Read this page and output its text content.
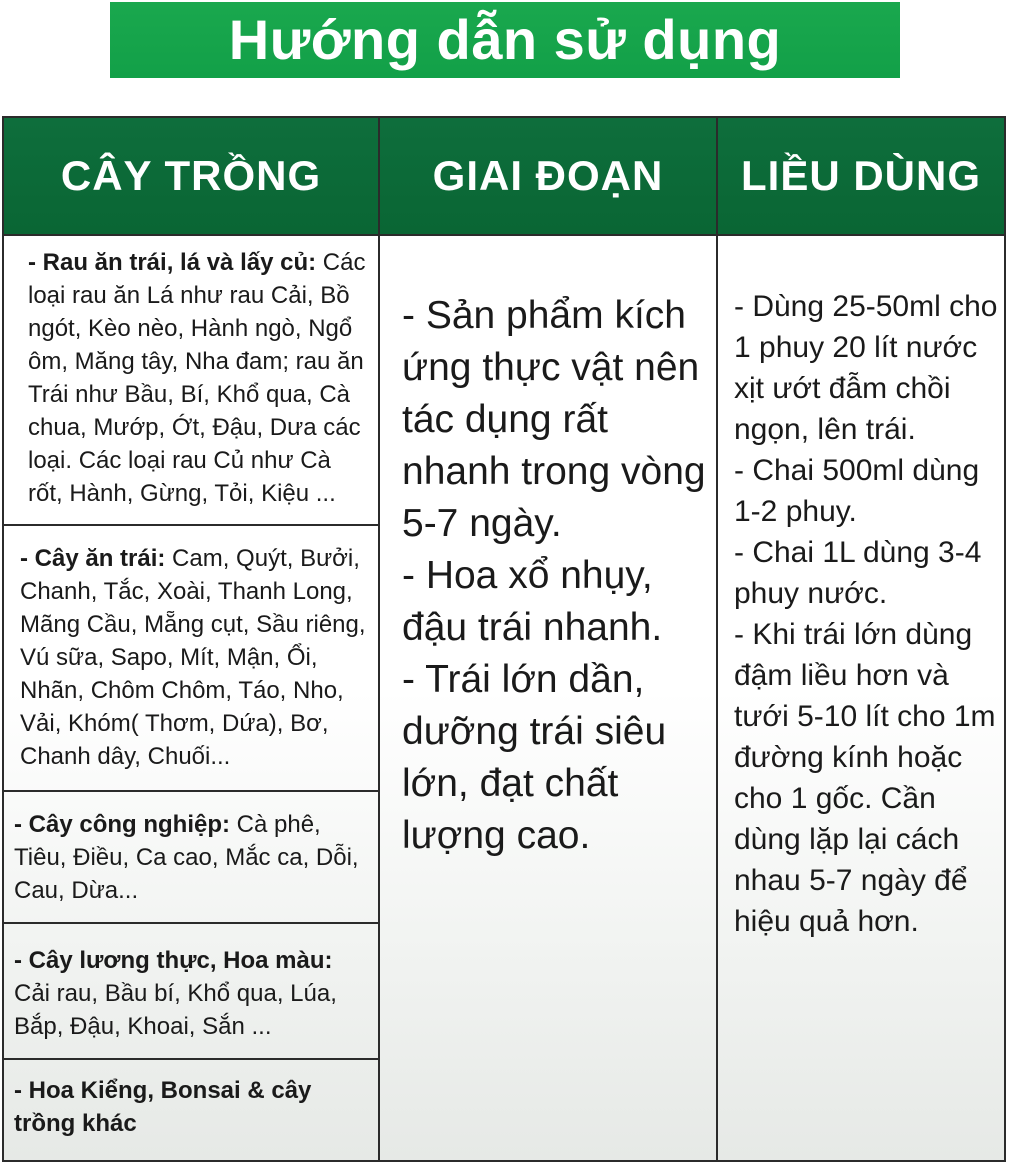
Hướng dẫn sử dụng
CÂY TRỒNG	GIAI ĐOẠN	LIỀU DÙNG
- Rau ăn trái, lá và lấy củ: Các loại rau ăn Lá như rau Cải, Bồ ngót, Kèo nèo, Hành ngò, Ngổ ôm, Măng tây, Nha đam; rau ăn Trái như Bầu, Bí, Khổ qua, Cà chua, Mướp, Ớt, Đậu, Dưa các loại. Các loại rau Củ như Cà rốt, Hành, Gừng, Tỏi, Kiệu ...
- Cây ăn trái: Cam, Quýt, Bưởi, Chanh, Tắc, Xoài, Thanh Long, Mãng Cầu, Mẵng cụt, Sầu riêng, Vú sữa, Sapo, Mít, Mận, Ổi, Nhãn, Chôm Chôm, Táo, Nho, Vải, Khóm( Thơm, Dứa), Bơ, Chanh dây, Chuối...
- Cây công nghiệp: Cà phê, Tiêu, Điều, Ca cao, Mắc ca, Dỗi, Cau, Dừa...
- Cây lương thực, Hoa màu: Cải rau, Bầu bí, Khổ qua, Lúa, Bắp, Đậu, Khoai, Sắn ...
- Hoa Kiểng, Bonsai & cây trồng khác
- Sản phẩm kích ứng thực vật nên tác dụng rất nhanh trong vòng 5-7 ngày.
- Hoa xổ nhụy, đậu trái nhanh.
- Trái lớn dần, dưỡng trái siêu lớn, đạt chất lượng cao.
- Dùng 25-50ml cho 1 phuy 20 lít nước xịt ướt đẫm chồi ngọn, lên trái.
- Chai 500ml dùng 1-2 phuy.
- Chai 1L dùng 3-4 phuy nước.
- Khi trái lớn dùng đậm liều hơn và tưới 5-10 lít cho 1m đường kính hoặc cho 1 gốc. Cần dùng lặp lại cách nhau 5-7 ngày để hiệu quả hơn.
